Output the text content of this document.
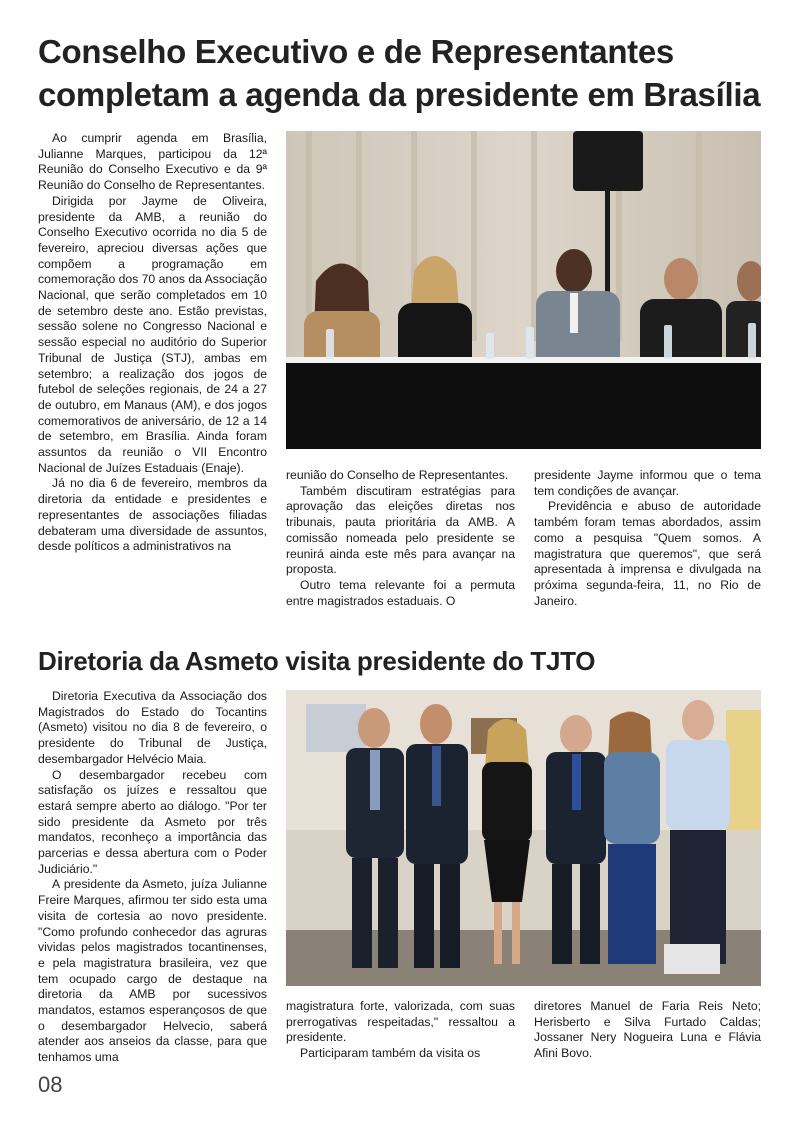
Conselho Executivo e de Representantes
completam a agenda da presidente em Brasília

Ao cumprir agenda em Brasília, Julianne Marques, participou da 12ª Reunião do Conselho Executivo e da 9ª Reunião do Conselho de Representantes.

Dirigida por Jayme de Oliveira, presidente da AMB, a reunião do Conselho Executivo ocorrida no dia 5 de fevereiro, apreciou diversas ações que compõem a programação em comemoração dos 70 anos da Associação Nacional, que serão completados em 10 de setembro deste ano. Estão previstas, sessão solene no Congresso Nacional e sessão especial no auditório do Superior Tribunal de Justiça (STJ), ambas em setembro; a realização dos jogos de futebol de seleções regionais, de 24 a 27 de outubro, em Manaus (AM), e dos jogos comemorativos de aniversário, de 12 a 14 de setembro, em Brasília. Ainda foram assuntos da reunião o VII Encontro Nacional de Juízes Estaduais (Enaje).

Já no dia 6 de fevereiro, membros da diretoria da entidade e presidentes e representantes de associações filiadas debateram uma diversidade de assuntos, desde políticos a administrativos na

reunião do Conselho de Representantes.

Também discutiram estratégias para aprovação das eleições diretas nos tribunais, pauta prioritária da AMB. A comissão nomeada pelo presidente se reunirá ainda este mês para avançar na proposta.

Outro tema relevante foi a permuta entre magistrados estaduais. O

presidente Jayme informou que o tema tem condições de avançar.

Previdência e abuso de autoridade também foram temas abordados, assim como a pesquisa "Quem somos. A magistratura que queremos", que será apresentada à imprensa e divulgada na próxima segunda-feira, 11, no Rio de Janeiro.

Diretoria da Asmeto visita presidente do TJTO

Diretoria Executiva da Associação dos Magistrados do Estado do Tocantins (Asmeto) visitou no dia 8 de fevereiro, o presidente do Tribunal de Justiça, desembargador Helvécio Maia.

O desembargador recebeu com satisfação os juízes e ressaltou que estará sempre aberto ao diálogo. "Por ter sido presidente da Asmeto por três mandatos, reconheço a importância das parcerias e dessa abertura com o Poder Judiciário."

A presidente da Asmeto, juíza Julianne Freire Marques, afirmou ter sido esta uma visita de cortesia ao novo presidente. "Como profundo conhecedor das agruras vividas pelos magistrados tocantinenses, e pela magistratura brasileira, vez que tem ocupado cargo de destaque na diretoria da AMB por sucessivos mandatos, estamos esperançosos de que o desembargador Helvecio, saberá atender aos anseios da classe, para que tenhamos uma

magistratura forte, valorizada, com suas prerrogativas respeitadas," ressaltou a presidente.

Participaram também da visita os

diretores Manuel de Faria Reis Neto; Herisberto e Silva Furtado Caldas; Jossaner Nery Nogueira Luna e Flávia Afini Bovo.

08
